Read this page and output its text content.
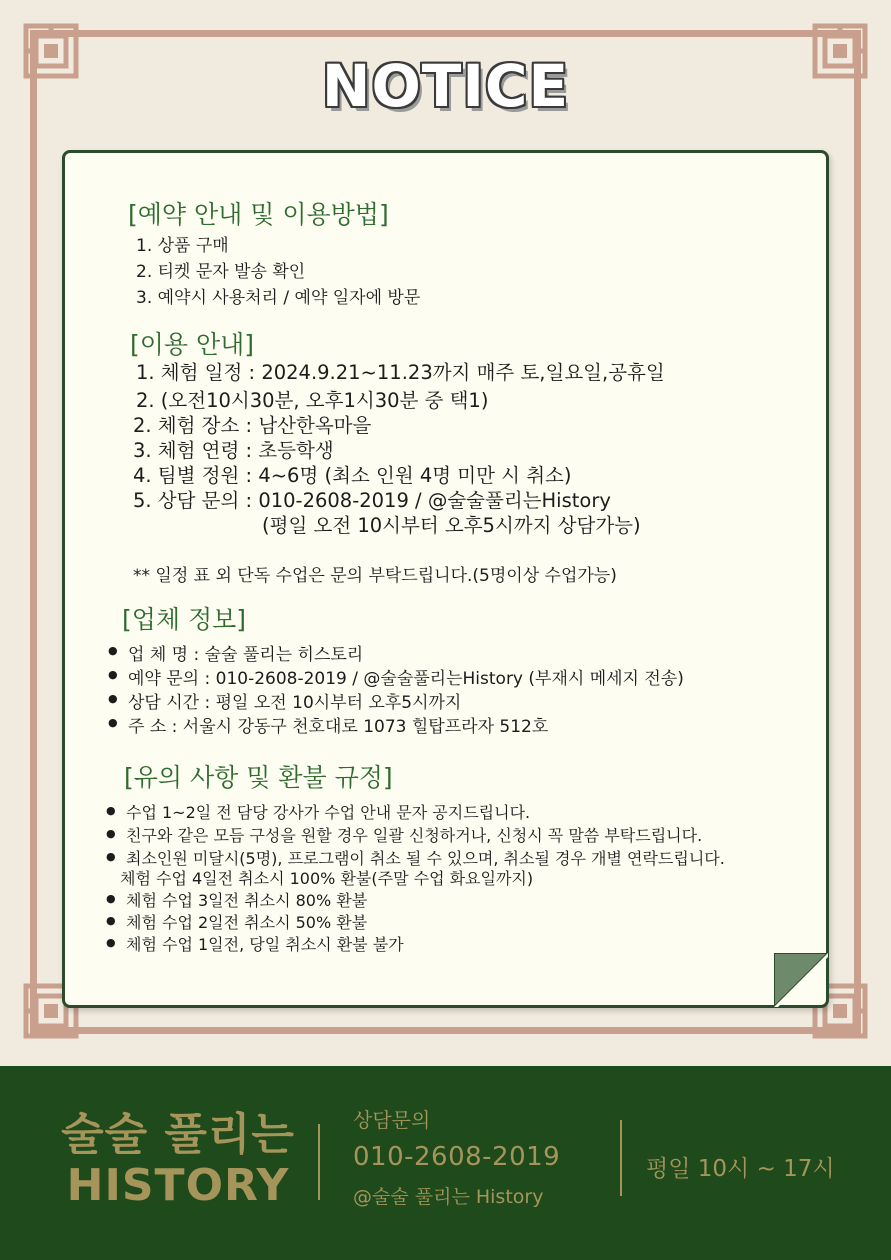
NOTICE
[예약 안내 및 이용방법]
1. 상품 구매
2. 티켓 문자 발송 확인
3. 예약시 사용처리 / 예약 일자에 방문
[이용 안내]
1. 체험 일정 : 2024.9.21~11.23까지 매주 토,일요일,공휴일
2. (오전10시30분, 오후1시30분 중 택1)
2. 체험 장소 : 남산한옥마을
3. 체험 연령 : 초등학생
4. 팀별 정원 : 4~6명 (최소 인원 4명 미만 시 취소)
5. 상담 문의 : 010-2608-2019 / @술술풀리는History
(평일 오전 10시부터 오후5시까지 상담가능)
** 일정 표 외 단독 수업은 문의 부탁드립니다.(5명이상 수업가능)
[업체 정보]
● 업 체 명 : 술술 풀리는 히스토리
● 예약 문의 : 010-2608-2019 / @술술풀리는History (부재시 메세지 전송)
● 상담 시간 : 평일 오전 10시부터 오후5시까지
● 주 소 : 서울시 강동구 천호대로 1073 힐탑프라자 512호
[유의 사항 및 환불 규정]
● 수업 1~2일 전 담당 강사가 수업 안내 문자 공지드립니다.
● 친구와 같은 모듬 구성을 원할 경우 일괄 신청하거나, 신청시 꼭 말씀 부탁드립니다.
● 최소인원 미달시(5명), 프로그램이 취소 될 수 있으며, 취소될 경우 개별 연락드립니다.
체험 수업 4일전 취소시 100% 환불(주말 수업 화요일까지)
● 체험 수업 3일전 취소시 80% 환불
● 체험 수업 2일전 취소시 50% 환불
● 체험 수업 1일전, 당일 취소시 환불 불가
술술 풀리는
HISTORY
상담문의
010-2608-2019
@술술 풀리는 History
평일 10시 ~ 17시
